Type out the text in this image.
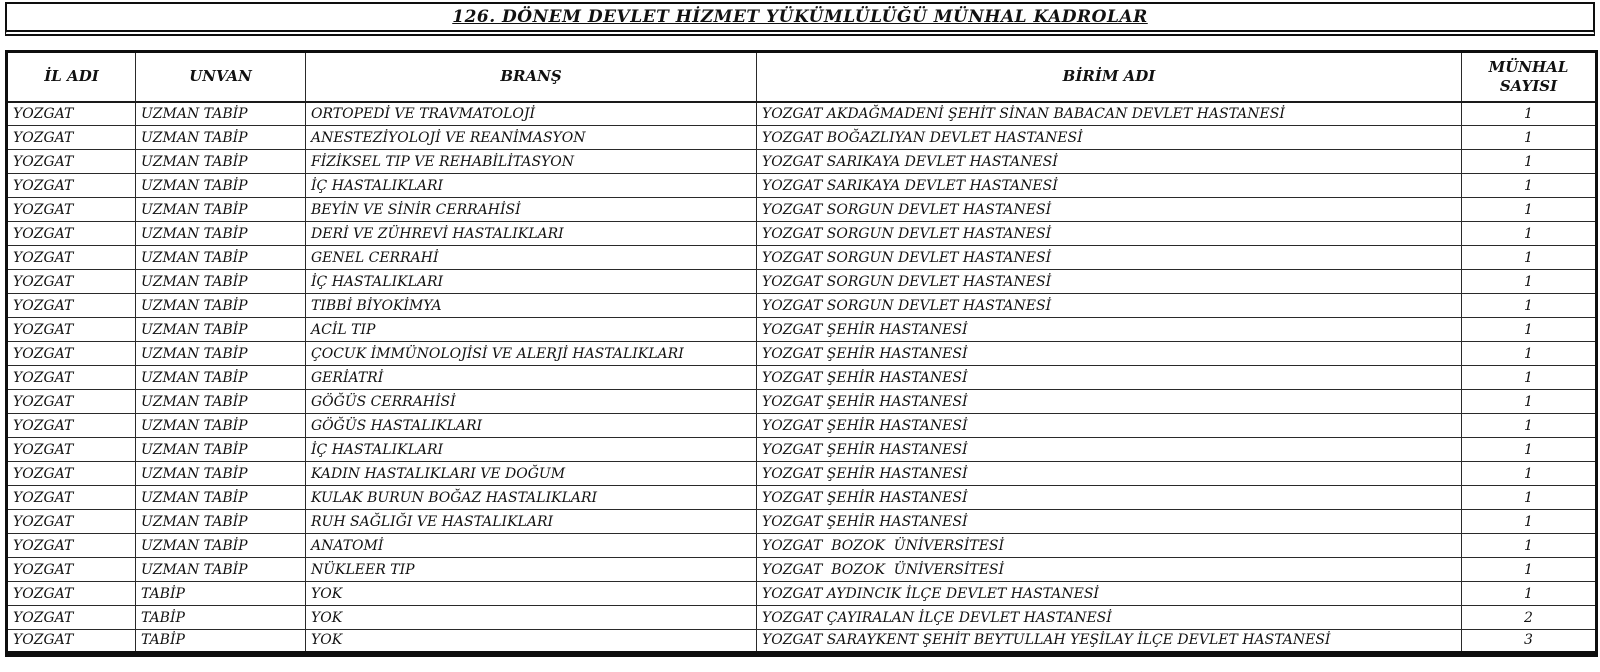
126. DÖNEM DEVLET HİZMET YÜKÜMLÜLÜĞÜ MÜNHAL KADROLAR
İL ADI	UNVAN	BRANŞ	BİRİM ADI	MÜNHAL SAYISI
YOZGAT	UZMAN TABİP	ORTOPEDİ VE TRAVMATOLOJİ	YOZGAT AKDAĞMADENİ ŞEHİT SİNAN BABACAN DEVLET HASTANESİ	1
YOZGAT	UZMAN TABİP	ANESTEZİYOLOJİ VE REANİMASYON	YOZGAT BOĞAZLIYAN DEVLET HASTANESİ	1
YOZGAT	UZMAN TABİP	FİZİKSEL TIP VE REHABİLİTASYON	YOZGAT SARIKAYA DEVLET HASTANESİ	1
YOZGAT	UZMAN TABİP	İÇ HASTALIKLARI	YOZGAT SARIKAYA DEVLET HASTANESİ	1
YOZGAT	UZMAN TABİP	BEYİN VE SİNİR CERRAHİSİ	YOZGAT SORGUN DEVLET HASTANESİ	1
YOZGAT	UZMAN TABİP	DERİ VE ZÜHREVİ HASTALIKLARI	YOZGAT SORGUN DEVLET HASTANESİ	1
YOZGAT	UZMAN TABİP	GENEL CERRAHİ	YOZGAT SORGUN DEVLET HASTANESİ	1
YOZGAT	UZMAN TABİP	İÇ HASTALIKLARI	YOZGAT SORGUN DEVLET HASTANESİ	1
YOZGAT	UZMAN TABİP	TIBBİ BİYOKİMYA	YOZGAT SORGUN DEVLET HASTANESİ	1
YOZGAT	UZMAN TABİP	ACİL TIP	YOZGAT ŞEHİR HASTANESİ	1
YOZGAT	UZMAN TABİP	ÇOCUK İMMÜNOLOJİSİ VE ALERJİ HASTALIKLARI	YOZGAT ŞEHİR HASTANESİ	1
YOZGAT	UZMAN TABİP	GERİATRİ	YOZGAT ŞEHİR HASTANESİ	1
YOZGAT	UZMAN TABİP	GÖĞÜS CERRAHİSİ	YOZGAT ŞEHİR HASTANESİ	1
YOZGAT	UZMAN TABİP	GÖĞÜS HASTALIKLARI	YOZGAT ŞEHİR HASTANESİ	1
YOZGAT	UZMAN TABİP	İÇ HASTALIKLARI	YOZGAT ŞEHİR HASTANESİ	1
YOZGAT	UZMAN TABİP	KADIN HASTALIKLARI VE DOĞUM	YOZGAT ŞEHİR HASTANESİ	1
YOZGAT	UZMAN TABİP	KULAK BURUN BOĞAZ HASTALIKLARI	YOZGAT ŞEHİR HASTANESİ	1
YOZGAT	UZMAN TABİP	RUH SAĞLIĞI VE HASTALIKLARI	YOZGAT ŞEHİR HASTANESİ	1
YOZGAT	UZMAN TABİP	ANATOMİ	YOZGAT  BOZOK  ÜNİVERSİTESİ	1
YOZGAT	UZMAN TABİP	NÜKLEER TIP	YOZGAT  BOZOK  ÜNİVERSİTESİ	1
YOZGAT	TABİP	YOK	YOZGAT AYDINCIK İLÇE DEVLET HASTANESİ	1
YOZGAT	TABİP	YOK	YOZGAT ÇAYIRALAN İLÇE DEVLET HASTANESİ	2
YOZGAT	TABİP	YOK	YOZGAT SARAYKENT ŞEHİT BEYTULLAH YEŞİLAY İLÇE DEVLET HASTANESİ	3
